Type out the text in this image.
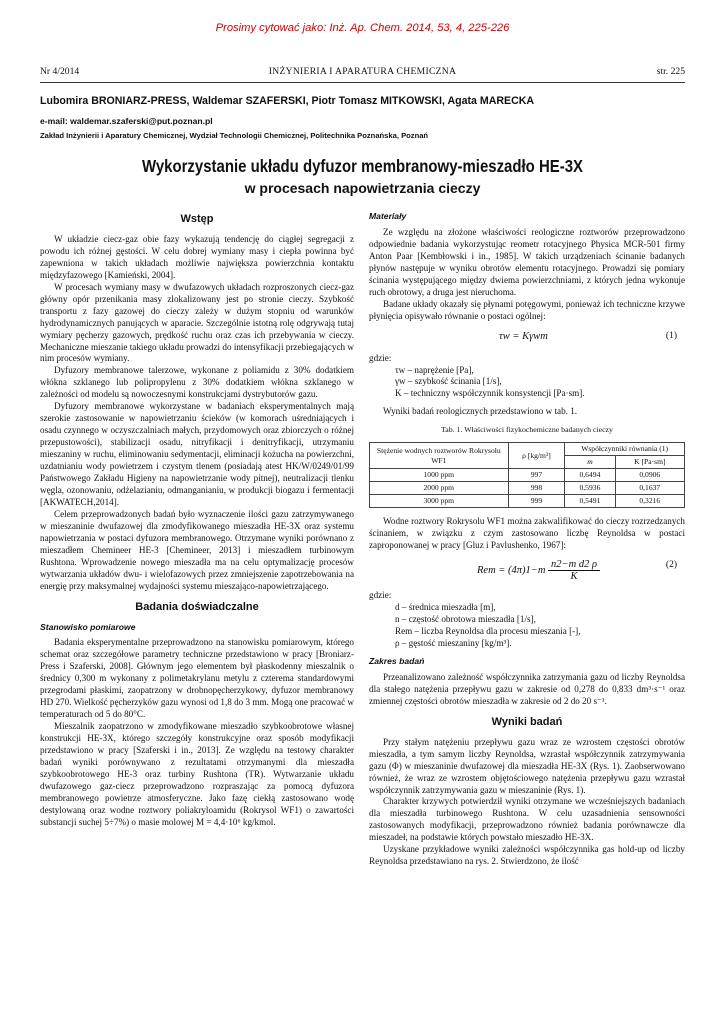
Prosimy cytować jako: Inż. Ap. Chem. 2014, 53, 4, 225-226
Nr 4/2014	INŻYNIERIA I APARATURA CHEMICZNA	str. 225
Lubomira BRONIARZ-PRESS, Waldemar SZAFERSKI, Piotr Tomasz MITKOWSKI, Agata MARECKA
e-mail: waldemar.szaferski@put.poznan.pl
Zakład Inżynierii i Aparatury Chemicznej, Wydział Technologii Chemicznej, Politechnika Poznańska, Poznań
Wykorzystanie układu dyfuzor membranowy-mieszadło HE-3X
w procesach napowietrzania cieczy
Wstęp

W układzie ciecz-gaz obie fazy wykazują tendencję do ciągłej segregacji z powodu ich różnej gęstości. W celu dobrej wymiany masy i ciepła powinna być zapewniona w takich układach możliwie największa powierzchnia kontaktu międzyfazowego [Kamieński, 2004].

W procesach wymiany masy w dwufazowych układach rozproszonych ciecz-gaz główny opór przenikania masy zlokalizowany jest po stronie cieczy. Szybkość transportu z fazy gazowej do cieczy zależy w dużym stopniu od warunków hydrodynamicznych panujących w aparacie. Szczególnie istotną rolę odgrywają tutaj wymiary pęcherzy gazowych, prędkość ruchu oraz czas ich przebywania w cieczy. Mechaniczne mieszanie takiego układu prowadzi do intensyfikacji przebiegających w nim procesów wymiany.

Dyfuzory membranowe talerzowe, wykonane z poliamidu z 30% dodatkiem włókna szklanego lub polipropylenu z 30% dodatkiem włókna szklanego w zależności od modelu są nowoczesnymi konstrukcjami dystrybutorów gazu.

Dyfuzory membranowe wykorzystane w badaniach eksperymentalnych mają szerokie zastosowanie w napowietrzaniu ścieków (w komorach uśredniających i osadu czynnego w oczyszczalniach małych, przydomowych oraz zbiorczych o różnej przepustowości), stabilizacji osadu, nitryfikacji i denitryfikacji, utrzymaniu mieszaniny w ruchu, eliminowaniu sedymentacji, eliminacji kożucha na powierzchni, uzdatnianiu wody powietrzem i czystym tlenem (posiadają atest HK/W/0249/01/99 Państwowego Zakładu Higieny na napowietrzanie wody pitnej), neutralizacji tlenku węgla, ozonowaniu, odżelazianiu, odmanganianiu, w produkcji biogazu i fermentacji [AKWATECH,2014].

Celem przeprowadzonych badań było wyznaczenie ilości gazu zatrzymywanego w mieszaninie dwufazowej dla zmodyfikowanego mieszadła HE-3X oraz systemu napowietrzania w postaci dyfuzora membranowego. Otrzymane wyniki porównano z mieszadłem Chemineer HE-3 [Chemineer, 2013] i mieszadłem turbinowym Rushtona. Wprowadzenie nowego mieszadła ma na celu optymalizację procesów wytwarzania układów dwu- i wielofazowych przez zmniejszenie zapotrzebowania na energię przy maksymalnej wydajności systemu mieszająco-napowietrzającego.

Badania doświadczalne
Stanowisko pomiarowe

Badania eksperymentalne przeprowadzono na stanowisku pomiarowym, którego schemat oraz szczegółowe parametry techniczne przedstawiono w pracy [Broniarz-Press i Szaferski, 2008]. Głównym jego elementem był płaskodenny mieszalnik o średnicy 0,300 m wykonany z polimetakrylanu metylu z czterema standardowymi przegrodami płaskimi, zaopatrzony w drobnopęcherzykowy, dyfuzor membranowy HD 270. Wielkość pęcherzyków gazu wynosi od 1,8 do 3 mm. Mogą one pracować w temperaturach od 5 do 80°C.

Mieszalnik zaopatrzono w zmodyfikowane mieszadło szybkoobrotowe własnej konstrukcji HE-3X, którego szczegóły konstrukcyjne oraz sposób modyfikacji przedstawiono w pracy [Szaferski i in., 2013]. Ze względu na testowy charakter badań wyniki porównywano z rezultatami otrzymanymi dla mieszadła szybkoobrotowego HE-3 oraz turbiny Rushtona (TR). Wytwarzanie układu dwufazowego gaz-ciecz przeprowadzono rozpraszając za pomocą dyfuzora membranowego powietrze atmosferyczne. Jako fazę ciekłą zastosowano wodę destylowaną oraz wodne roztwory poliakryloamidu (Rokrysol WF1) o zawartości substancji suchej 5÷7%) o masie molowej M = 4,4·10⁶ kg/kmol.

Materiały

Ze względu na złożone właściwości reologiczne roztworów przeprowadzono odpowiednie badania wykorzystując reometr rotacyjnego Physica MCR-501 firmy Anton Paar [Kembłowski i in., 1985]. W takich urządzeniach ścinanie badanych płynów następuje w wyniku obrotów elementu rotacyjnego. Prowadzi się pomiary ścinania występującego między dwiema powierzchniami, z których jedna wykonuje ruch obrotowy, a druga jest nieruchoma.

Badane układy okazały się płynami potęgowymi, ponieważ ich techniczne krzywe płynięcia opisywało równanie o postaci ogólnej:

τw = Kγwm	(1)

gdzie:

τw – naprężenie [Pa],

γw – szybkość ścinania [1/s],

K – techniczny współczynnik konsystencji [Pa·sm].

Wyniki badań reologicznych przedstawiono w tab. 1.

Tab. 1. Właściwości fizykochemiczne badanych cieczy
Stężenie wodnych roztworów Rokrysolu WF1	ρ [kg/m³]	Współczynniki równania (1)	
		m	K [Pa·sm]
1000 ppm	997	0,6494	0,0906
2000 ppm	998	0,5936	0,1637
3000 ppm	999	0,5491	0,3216

Wodne roztwory Rokrysolu WF1 można zakwalifikować do cieczy rozrzedzanych ścinaniem, w związku z czym zastosowano liczbę Reynoldsa w postaci zaproponowanej w pracy [Gluz i Pavlushenko, 1967]:

Rem = $(4\pi)1-m \frac{\text{n2−m d2 ρ}}{K}$	(2)

gdzie:

d – średnica mieszadła [m],

n – częstość obrotowa mieszadła [1/s],

Rem – liczba Reynoldsa dla procesu mieszania [-],

ρ – gęstość mieszaniny [kg/m³].

Zakres badań

Przeanalizowano zależność współczynnika zatrzymania gazu od liczby Reynoldsa dla stałego natężenia przepływu gazu w zakresie od 0,278 do 0,833 dm³·s⁻¹ oraz zmiennej częstości obrotów mieszadła w zakresie od 2 do 20 s⁻¹.

Wyniki badań

Przy stałym natężeniu przepływu gazu wraz ze wzrostem częstości obrotów mieszadła, a tym samym liczby Reynoldsa, wzrastał współczynnik zatrzymywania gazu (Φ) w mieszaninie dwufazowej dla mieszadła HE-3X (Rys. 1). Zaobserwowano również, że wraz ze wzrostem objętościowego natężenia przepływu gazu wzrastał współczynnik zatrzymywania gazu w mieszaninie (Rys. 1).

Charakter krzywych potwierdził wyniki otrzymane we wcześniejszych badaniach dla mieszadła turbinowego Rushtona. W celu uzasadnienia sensowności zastosowanych modyfikacji, przeprowadzono również badania porównawcze dla mieszadeł, na podstawie których powstało mieszadło HE-3X.

Uzyskane przykładowe wyniki zależności współczynnika gas hold-up od liczby Reynoldsa przedstawiano na rys. 2. Stwierdzono, że ilość
